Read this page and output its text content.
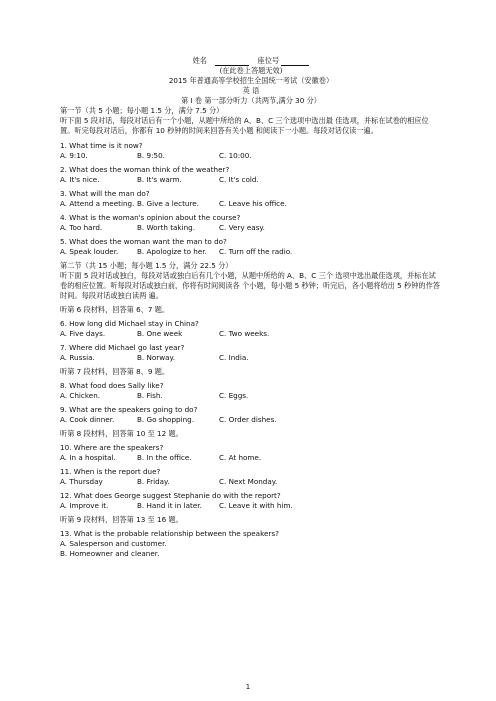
姓名	座位号
(在此卷上答题无效)
2015 年普通高等学校招生全国统一考试（安徽卷）
英 语
第 I 卷 第一部分听力（共两节,满分 30 分）
第一节（共 5 小题；每小题 1.5 分，满分 7.5 分）
听下面 5 段对话，每段对话后有一个小题，从题中所给的 A、B、C 三个选项中选出最 佳选项，并标在试卷的相应位置。听完每段对话后，你都有 10 秒钟的时间来回答有关小题 和阅读下一小题。每段对话仅读一遍。
1. What time is it now?
A. 9:10.	B. 9:50.	C. 10:00.
2. What does the woman think of the weather?
A. It's nice.	B. It's warm.	C. It's cold.
3. What will the man do?
A. Attend a meeting. B. Give a lecture.	C. Leave his office.
4. What is the woman's opinion about the course?
A. Too hard.	B. Worth taking.	C. Very easy.
5. What does the woman want the man to do?
A. Speak louder.	B. Apologize to her.	C. Turn off the radio.
第二节（共 15 小题；每小题 1.5 分，满分 22.5 分）
听下面 5 段对话或独白，每段对话或独白后有几个小题，从题中所给的 A、B、C 三个 选项中选出最佳选项，并标在试卷的相应位置。听每段对话或独白前，你将有时间阅读各 个小题，每小题 5 秒钟；听完后，各小题将给出 5 秒钟的作答时间。每段对话或独白读两 遍。
听第 6 段材料，回答第 6、7 题。
6. How long did Michael stay in China?
A. Five days.	B. One week	C. Two weeks.
7. Where did Michael go last year?
A. Russia.	B. Norway.	C. India.
听第 7 段材料，回答第 8、9 题。
8. What food does Sally like?
A. Chicken.	B. Fish.	C. Eggs.
9. What are the speakers going to do?
A. Cook dinner.	B. Go shopping.	C. Order dishes.
听第 8 段材料，回答第 10 至 12 题。
10. Where are the speakers?
A. In a hospital.	B. In the office.	C. At home.
11. When is the report due?
A. Thursday	B. Friday.	C. Next Monday.
12. What does George suggest Stephanie do with the report?
A. Improve it.	B. Hand it in later.	C. Leave it with him.
听第 9 段材料，回答第 13 至 16 题。
13. What is the probable relationship between the speakers?
A. Salesperson and customer.
B. Homeowner and cleaner.
1
